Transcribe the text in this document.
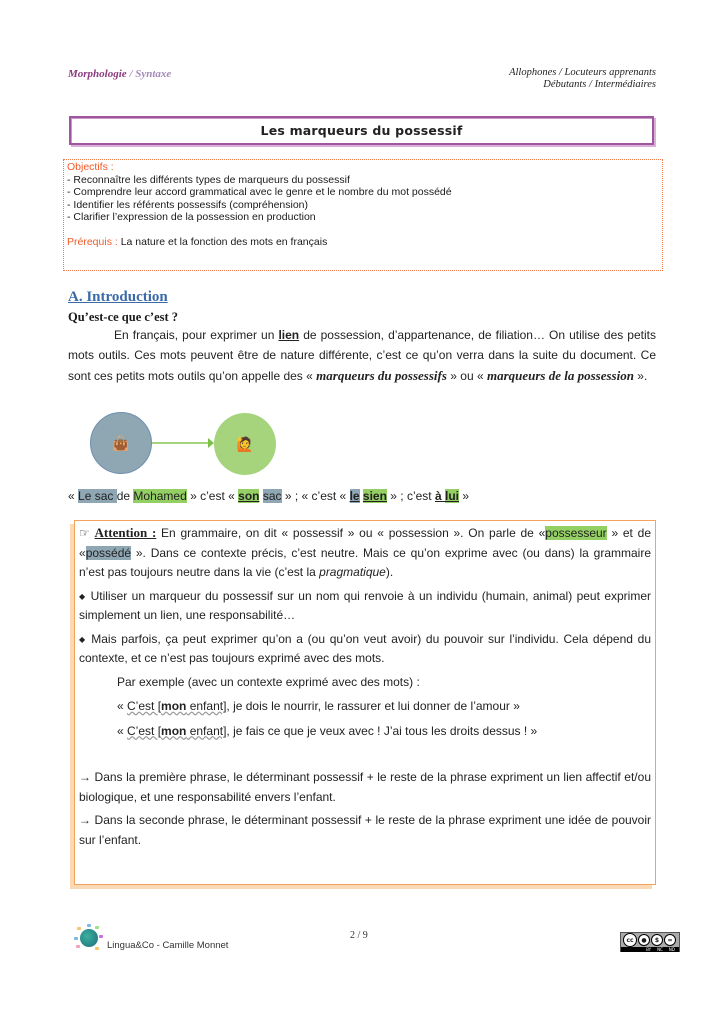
Morphologie / Syntaxe	Allophones / Locuteurs apprenants
Débutants / Intermédiaires
Les marqueurs du possessif
Objectifs :
- Reconnaître les différents types de marqueurs du possessif
- Comprendre leur accord grammatical avec le genre et le nombre du mot possédé
- Identifier les référents possessifs (compréhension)
- Clarifier l’expression de la possession en production
Prérequis : La nature et la fonction des mots en français
A. Introduction
Qu’est-ce que c’est ?
En français, pour exprimer un lien de possession, d’appartenance, de filiation… On utilise des petits mots outils. Ces mots peuvent être de nature différente, c’est ce qu’on verra dans la suite du document. Ce sont ces petits mots outils qu’on appelle des « marqueurs du possessifs » ou « marqueurs de la possession ».
👜	🙋
« Le sac de Mohamed » c’est « son sac » ; « c’est « le sien » ; c’est à lui »

☞ Attention : En grammaire, on dit « possessif » ou « possession ». On parle de «possesseur » et de «possédé ». Dans ce contexte précis, c’est neutre. Mais ce qu’on exprime avec (ou dans) la grammaire n’est pas toujours neutre dans la vie (c’est la pragmatique).

◆ Utiliser un marqueur du possessif sur un nom qui renvoie à un individu (humain, animal) peut exprimer simplement un lien, une responsabilité…

◆ Mais parfois, ça peut exprimer qu’on a (ou qu’on veut avoir) du pouvoir sur l’individu. Cela dépend du contexte, et ce n’est pas toujours exprimé avec des mots.

Par exemple (avec un contexte exprimé avec des mots) :
« C’est [mon enfant], je dois le nourrir, le rassurer et lui donner de l’amour »
« C’est [mon enfant], je fais ce que je veux avec ! J’ai tous les droits dessus ! »

→ Dans la première phrase, le déterminant possessif + le reste de la phrase expriment un lien affectif et/ou biologique, et une responsabilité envers l’enfant.

→ Dans la seconde phrase, le déterminant possessif + le reste de la phrase expriment une idée de pouvoir sur l’enfant.

Lingua&Co - Camille Monnet
2 / 9	cc	●	$	=
BY NC ND
